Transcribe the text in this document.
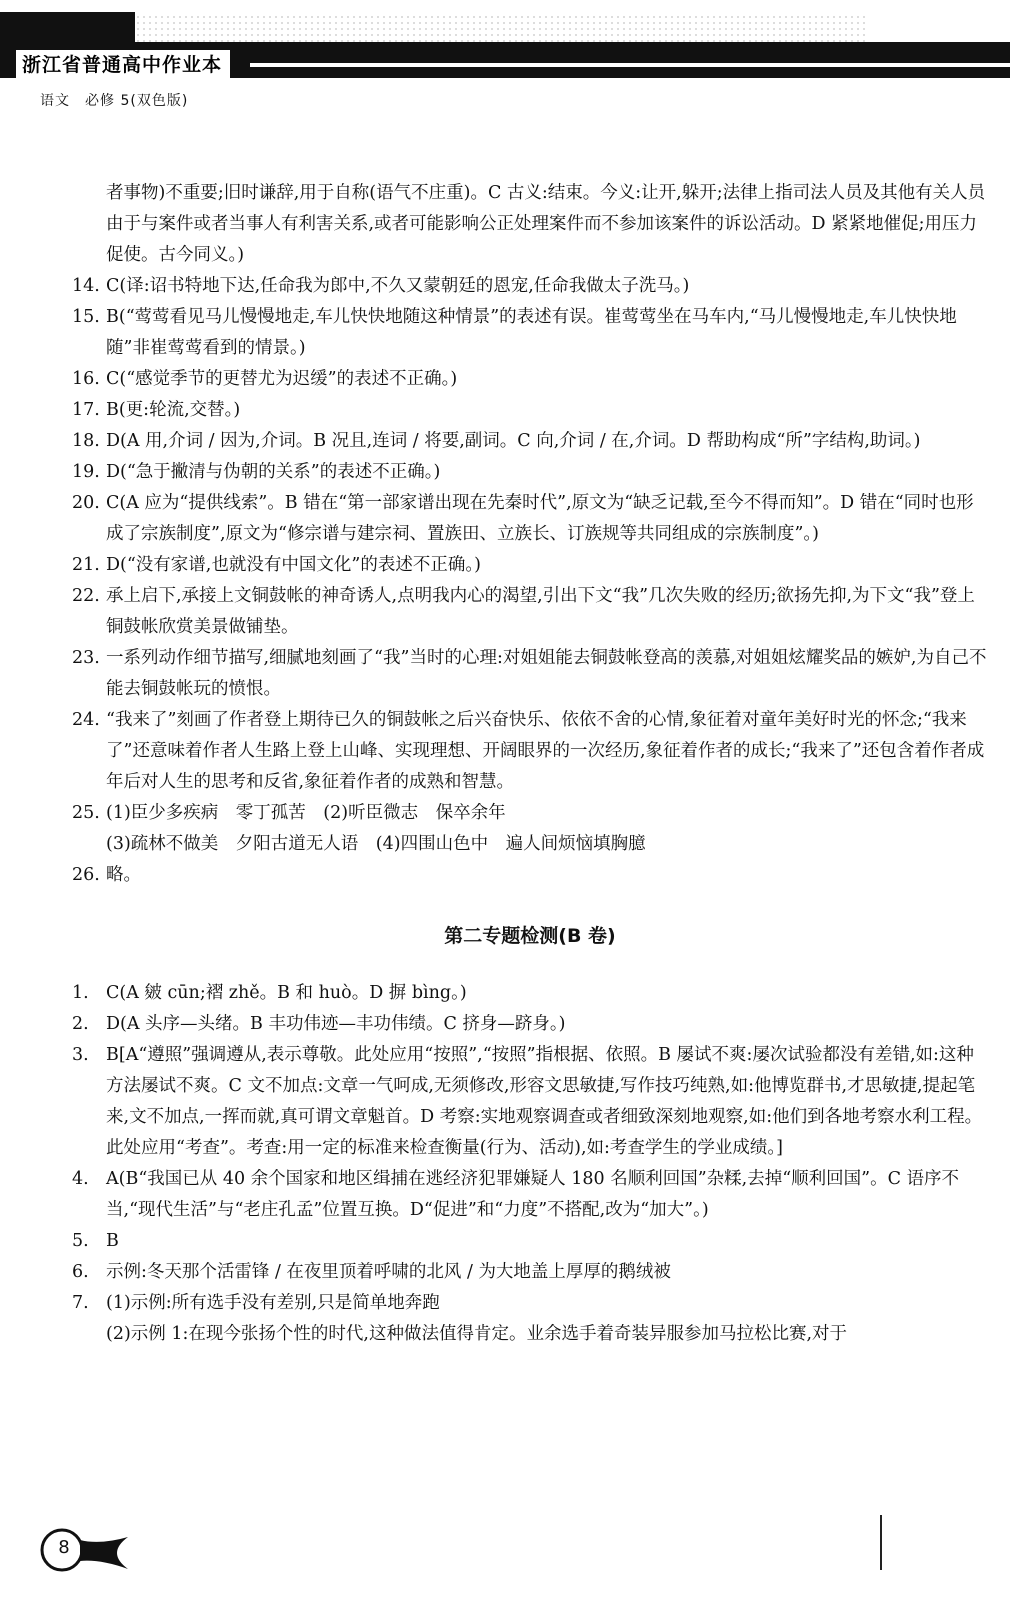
浙江省普通高中作业本
语文　必修 5(双色版)

者事物)不重要;旧时谦辞,用于自称(语气不庄重)。C 古义:结束。今义:让开,躲开;法律上指司法人员及其他有关人员由于与案件或者当事人有利害关系,或者可能影响公正处理案件而不参加该案件的诉讼活动。D 紧紧地催促;用压力促使。古今同义。)

14. C(译:诏书特地下达,任命我为郎中,不久又蒙朝廷的恩宠,任命我做太子洗马。)
15. B(“莺莺看见马儿慢慢地走,车儿快快地随这种情景”的表述有误。崔莺莺坐在马车内,“马儿慢慢地走,车儿快快地随”非崔莺莺看到的情景。)
16. C(“感觉季节的更替尤为迟缓”的表述不正确。)
17. B(更:轮流,交替。)
18. D(A 用,介词 / 因为,介词。B 况且,连词 / 将要,副词。C 向,介词 / 在,介词。D 帮助构成“所”字结构,助词。)
19. D(“急于撇清与伪朝的关系”的表述不正确。)
20. C(A 应为“提供线索”。B 错在“第一部家谱出现在先秦时代”,原文为“缺乏记载,至今不得而知”。D 错在“同时也形成了宗族制度”,原文为“修宗谱与建宗祠、置族田、立族长、订族规等共同组成的宗族制度”。)
21. D(“没有家谱,也就没有中国文化”的表述不正确。)
22. 承上启下,承接上文铜鼓帐的神奇诱人,点明我内心的渴望,引出下文“我”几次失败的经历;欲扬先抑,为下文“我”登上铜鼓帐欣赏美景做铺垫。
23. 一系列动作细节描写,细腻地刻画了“我”当时的心理:对姐姐能去铜鼓帐登高的羡慕,对姐姐炫耀奖品的嫉妒,为自己不能去铜鼓帐玩的愤恨。
24. “我来了”刻画了作者登上期待已久的铜鼓帐之后兴奋快乐、依依不舍的心情,象征着对童年美好时光的怀念;“我来了”还意味着作者人生路上登上山峰、实现理想、开阔眼界的一次经历,象征着作者的成长;“我来了”还包含着作者成年后对人生的思考和反省,象征着作者的成熟和智慧。
25. (1)臣少多疾病　零丁孤苦　(2)听臣微志　保卒余年
(3)疏林不做美　夕阳古道无人语　(4)四围山色中　遍人间烦恼填胸臆
26. 略。
第二专题检测(B 卷)
1. C(A 皴 cūn;褶 zhě。B 和 huò。D 摒 bìng。)
2. D(A 头序—头绪。B 丰功伟迹—丰功伟绩。C 挤身—跻身。)
3. B[A“遵照”强调遵从,表示尊敬。此处应用“按照”,“按照”指根据、依照。B 屡试不爽:屡次试验都没有差错,如:这种方法屡试不爽。C 文不加点:文章一气呵成,无须修改,形容文思敏捷,写作技巧纯熟,如:他博览群书,才思敏捷,提起笔来,文不加点,一挥而就,真可谓文章魁首。D 考察:实地观察调查或者细致深刻地观察,如:他们到各地考察水利工程。此处应用“考查”。考查:用一定的标准来检查衡量(行为、活动),如:考查学生的学业成绩。]
4. A(B“我国已从 40 余个国家和地区缉捕在逃经济犯罪嫌疑人 180 名顺利回国”杂糅,去掉“顺利回国”。C 语序不当,“现代生活”与“老庄孔孟”位置互换。D“促进”和“力度”不搭配,改为“加大”。)
5. B
6. 示例:冬天那个活雷锋 / 在夜里顶着呼啸的北风 / 为大地盖上厚厚的鹅绒被
7. (1)示例:所有选手没有差别,只是简单地奔跑
(2)示例 1:在现今张扬个性的时代,这种做法值得肯定。业余选手着奇装异服参加马拉松比赛,对于
8
